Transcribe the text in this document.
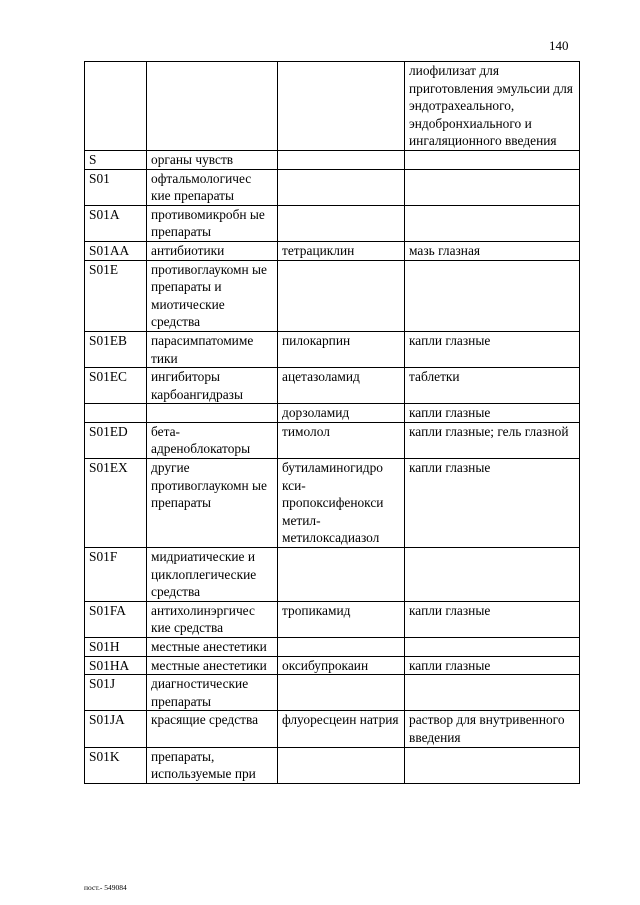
140
			лиофилизат для приготовления эмульсии для эндотрахеального, эндобронхиального и ингаляционного введения
S	органы чувств		
S01	офтальмологичес кие препараты		
S01A	противомикробн ые препараты		
S01AA	антибиотики	тетрациклин	мазь глазная
S01E	противоглаукомн ые препараты и миотические средства		
S01EB	парасимпатомиме тики	пилокарпин	капли глазные
S01EC	ингибиторы карбоангидразы	ацетазоламид	таблетки
		дорзоламид	капли глазные
S01ED	бета-адреноблокаторы	тимолол	капли глазные; гель глазной
S01EX	другие противоглаукомн ые препараты	бутиламиногидро кси-пропоксифенокси метил-метилоксадиазол	капли глазные
S01F	мидриатические и циклоплегические средства		
S01FA	антихолинэргичес кие средства	тропикамид	капли глазные
S01H	местные анестетики		
S01HA	местные анестетики	оксибупрокаин	капли глазные
S01J	диагностические препараты		
S01JA	красящие средства	флуоресцеин натрия	раствор для внутривенного введения
S01K	препараты, используемые при		
пост.- 549084
